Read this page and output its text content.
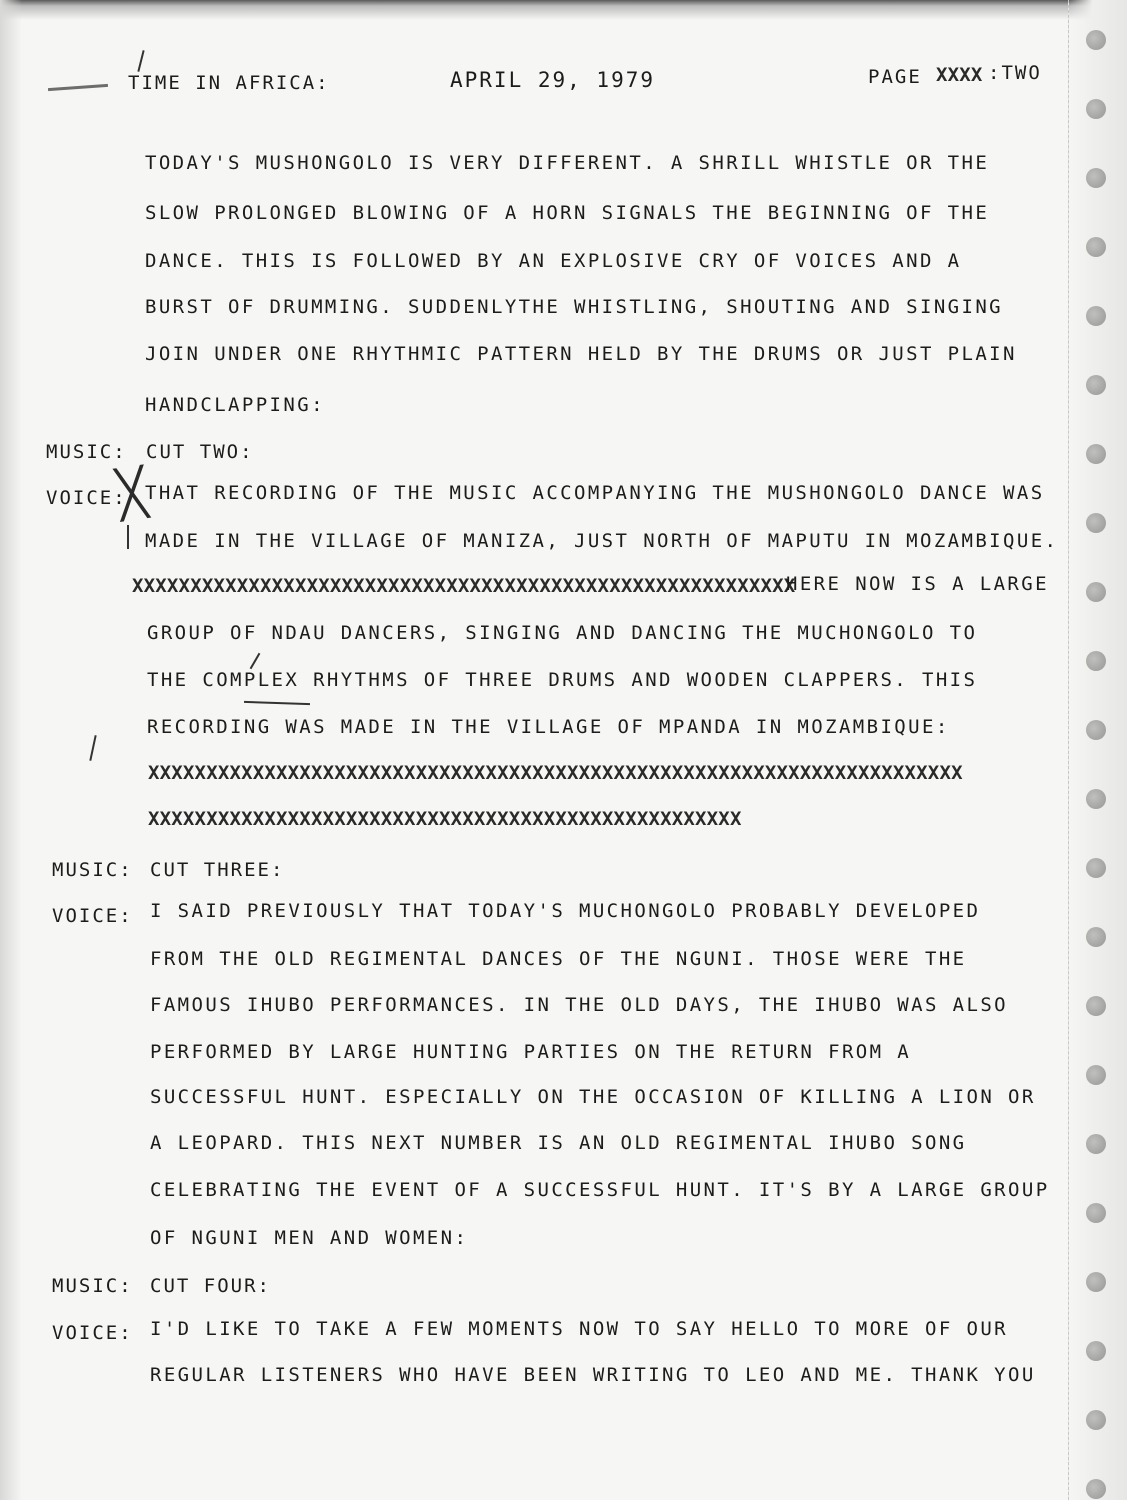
TIME IN AFRICA:	APRIL 29, 1979	PAGE XXXX :TWO
TODAY'S MUSHONGOLO IS VERY DIFFERENT. A SHRILL WHISTLE OR THE
SLOW PROLONGED BLOWING OF A HORN SIGNALS THE BEGINNING OF THE
DANCE. THIS IS FOLLOWED BY AN EXPLOSIVE CRY OF VOICES AND A
BURST OF DRUMMING. SUDDENLYTHE WHISTLING, SHOUTING AND SINGING
JOIN UNDER ONE RHYTHMIC PATTERN HELD BY THE DRUMS OR JUST PLAIN
HANDCLAPPING:
MUSIC: CUT TWO:
VOICE: THAT RECORDING OF THE MUSIC ACCOMPANYING THE MUSHONGOLO DANCE WAS
MADE IN THE VILLAGE OF MANIZA, JUST NORTH OF MAPUTU IN MOZAMBIQUE.
XXXXXXXXXXXXXXXXXXXXXXXXXXXXXXXXXXXXXXXXXXXXXXXXXXXXXXXXX
HERE NOW IS A LARGE
GROUP OF NDAU DANCERS, SINGING AND DANCING THE MUCHONGOLO TO
THE COMPLEX RHYTHMS OF THREE DRUMS AND WOODEN CLAPPERS. THIS
RECORDING WAS MADE IN THE VILLAGE OF MPANDA IN MOZAMBIQUE:
XXXXXXXXXXXXXXXXXXXXXXXXXXXXXXXXXXXXXXXXXXXXXXXXXXXXXXXXXXXXXXXXXXXXXX
XXXXXXXXXXXXXXXXXXXXXXXXXXXXXXXXXXXXXXXXXXXXXXXXXXX
MUSIC: CUT THREE:
VOICE: I SAID PREVIOUSLY THAT TODAY'S MUCHONGOLO PROBABLY DEVELOPED
FROM THE OLD REGIMENTAL DANCES OF THE NGUNI. THOSE WERE THE
FAMOUS IHUBO PERFORMANCES. IN THE OLD DAYS, THE IHUBO WAS ALSO
PERFORMED BY LARGE HUNTING PARTIES ON THE RETURN FROM A
SUCCESSFUL HUNT. ESPECIALLY ON THE OCCASION OF KILLING A LION OR
A LEOPARD. THIS NEXT NUMBER IS AN OLD REGIMENTAL IHUBO SONG
CELEBRATING THE EVENT OF A SUCCESSFUL HUNT. IT'S BY A LARGE GROUP
OF NGUNI MEN AND WOMEN:
MUSIC: CUT FOUR:
VOICE: I'D LIKE TO TAKE A FEW MOMENTS NOW TO SAY HELLO TO MORE OF OUR
REGULAR LISTENERS WHO HAVE BEEN WRITING TO LEO AND ME. THANK YOU
╳
